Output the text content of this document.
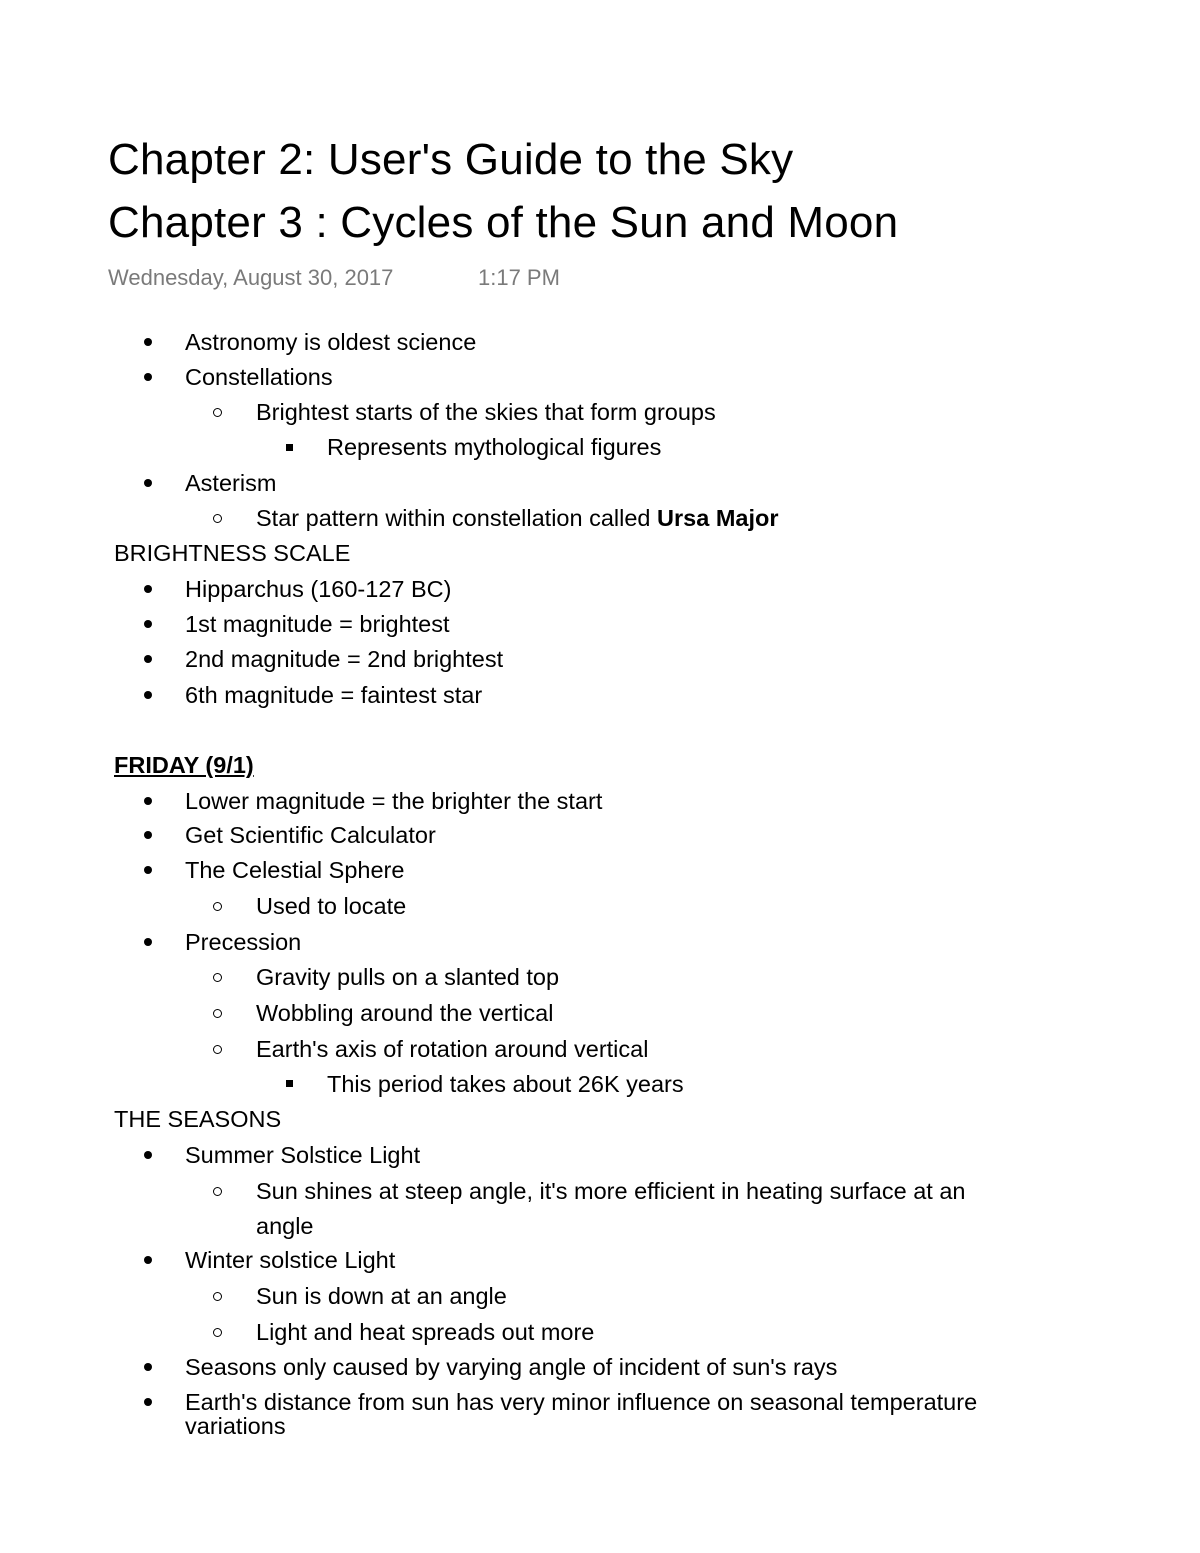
Chapter 2: User's Guide to the Sky
Chapter 3 : Cycles of the Sun and Moon
Wednesday, August 30, 2017	1:17 PM
Astronomy is oldest science
Constellations
Brightest starts of the skies that form groups
Represents mythological figures
Asterism
Star pattern within constellation called Ursa Major
BRIGHTNESS SCALE
Hipparchus (160-127 BC)
1st magnitude = brightest
2nd magnitude = 2nd brightest
6th magnitude = faintest star
FRIDAY (9/1)
Lower magnitude = the brighter the start
Get Scientific Calculator
The Celestial Sphere
Used to locate
Precession
Gravity pulls on a slanted top
Wobbling around the vertical
Earth's axis of rotation around vertical
This period takes about 26K years
THE SEASONS
Summer Solstice Light
Sun shines at steep angle, it's more efficient in heating surface at an
angle
Winter solstice Light
Sun is down at an angle
Light and heat spreads out more
Seasons only caused by varying angle of incident of sun's rays
Earth's distance from sun has very minor influence on seasonal temperature
variations
